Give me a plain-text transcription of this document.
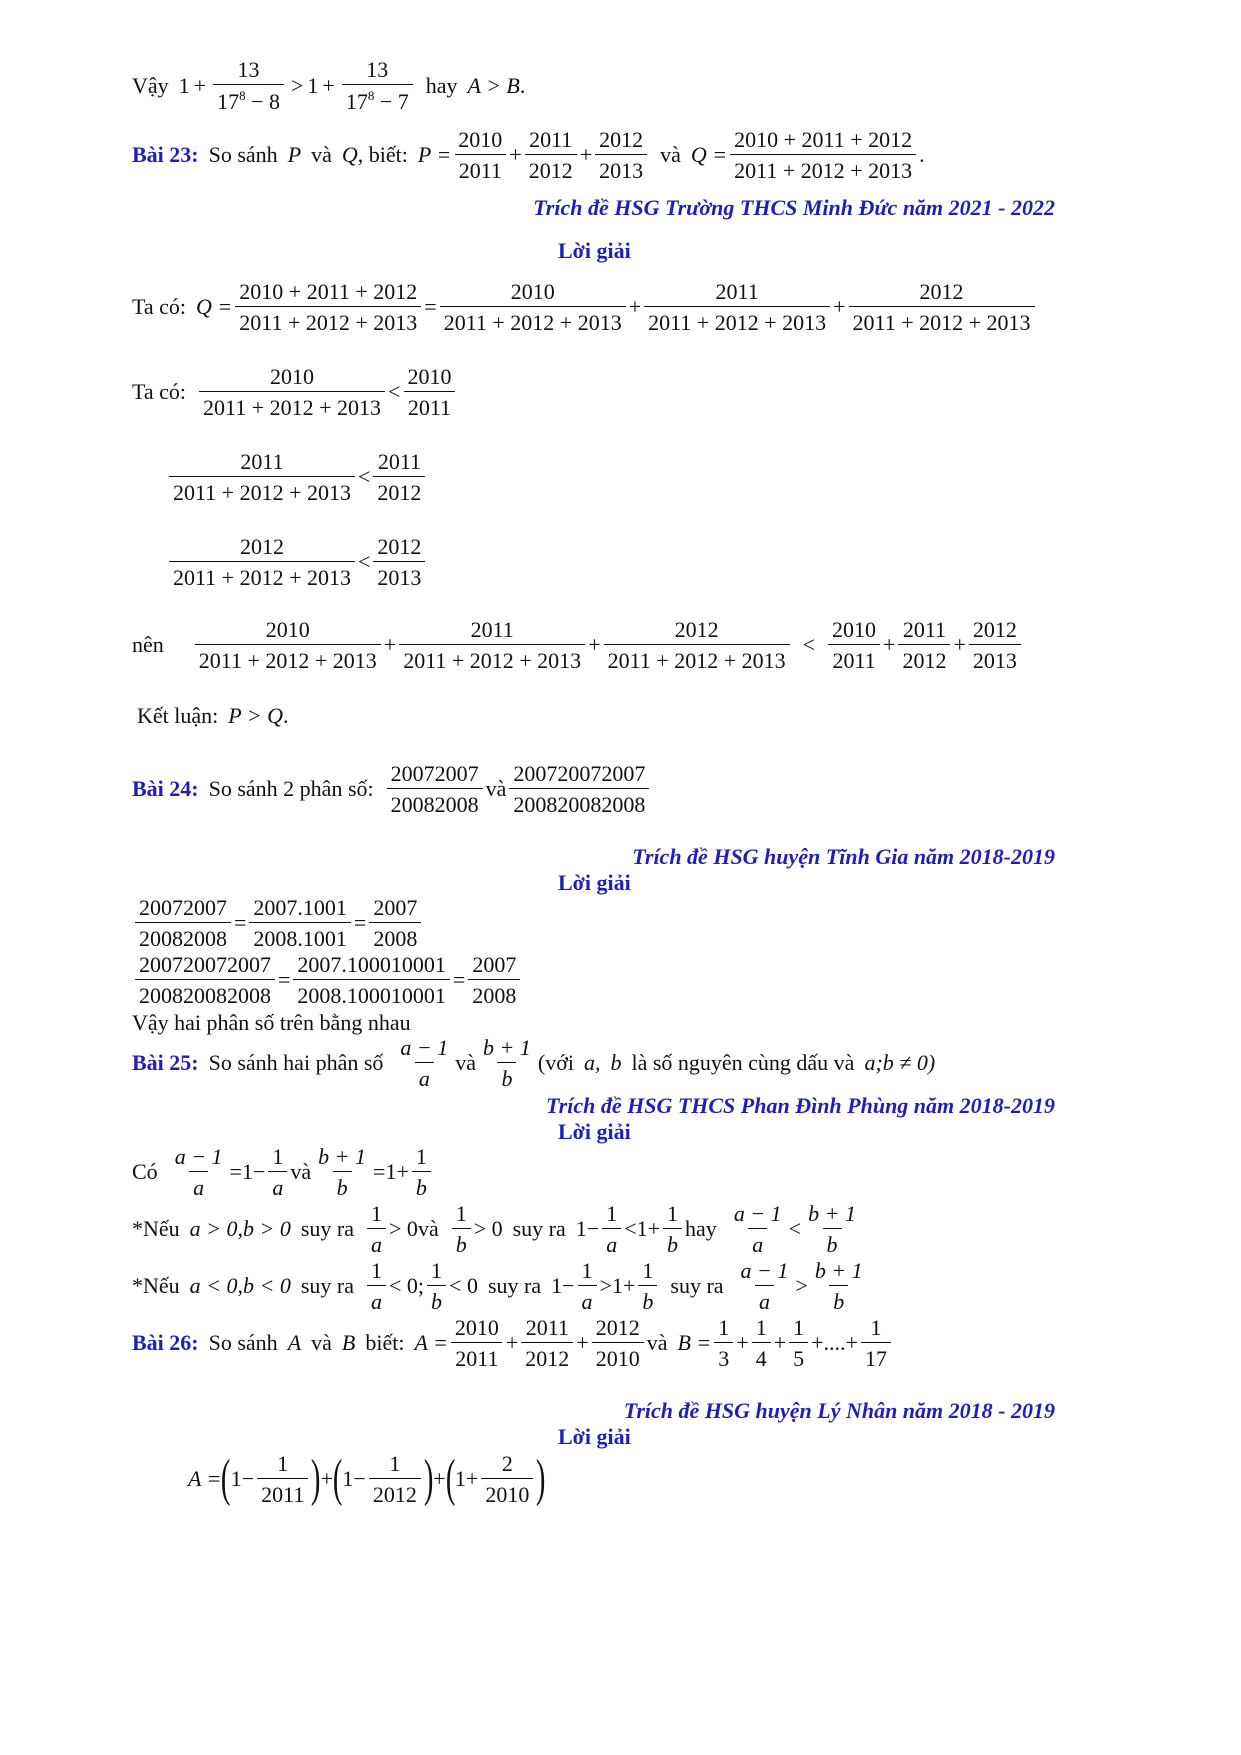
Vậy $1 + \frac{13}{17^8 - 8} > 1 + \frac{13}{17^8 - 7}$ hay A > B .
Bài 23: So sánh P và Q , biết: $P = \frac{2010}{2011} + \frac{2011}{2012} + \frac{2012}{2013}$ và $Q = \frac{2010 + 2011 + 2012}{2011 + 2012 + 2013}$ .
Trích đề HSG Trường THCS Minh Đức năm 2021 - 2022
Lời giải
Ta có: $Q = \frac{2010 + 2011 + 2012}{2011 + 2012 + 2013} = \frac{2010}{2011 + 2012 + 2013} + \frac{2011}{2011 + 2012 + 2013} + \frac{2012}{2011 + 2012 + 2013}$
Ta có: $\frac{2010}{2011 + 2012 + 2013} < \frac{2010}{2011}$
$\frac{2011}{2011 + 2012 + 2013} < \frac{2011}{2012}$
$\frac{2012}{2011 + 2012 + 2013} < \frac{2012}{2013}$
nên $\frac{2010}{2011 + 2012 + 2013} + \frac{2011}{2011 + 2012 + 2013} + \frac{2012}{2011 + 2012 + 2013} < \frac{2010}{2011} + \frac{2011}{2012} + \frac{2012}{2013}$
Kết luận: P > Q .
Bài 24: So sánh 2 phân số: $\frac{20072007}{20082008}$ và $\frac{200720072007}{200820082008}$
Trích đề HSG huyện Tĩnh Gia năm 2018-2019
Lời giải
$\frac{20072007}{20082008} = \frac{2007.1001}{2008.1001} = \frac{2007}{2008}$
$\frac{200720072007}{200820082008} = \frac{2007.100010001}{2008.100010001} = \frac{2007}{2008}$
Vậy hai phân số trên bằng nhau
Bài 25: So sánh hai phân số $\frac{a - 1}{a}$ và $\frac{b + 1}{b}$ (với a, b là số nguyên cùng dấu và a;b ≠ 0)
Trích đề HSG THCS Phan Đình Phùng năm 2018-2019
Lời giải
Có $\frac{a - 1}{a} = 1 - \frac{1}{a}$ và $\frac{b + 1}{b} = 1 + \frac{1}{b}$
*Nếu a > 0,b > 0 suy ra $\frac{1}{a} > 0$ và $\frac{1}{b} > 0$ suy ra $1 - \frac{1}{a} < 1 + \frac{1}{b}$ hay $\frac{a - 1}{a} < \frac{b + 1}{b}$
*Nếu a < 0,b < 0 suy ra $\frac{1}{a} < 0$; $\frac{1}{b} < 0$ suy ra $1 - \frac{1}{a} > 1 + \frac{1}{b}$ suy ra $\frac{a - 1}{a} > \frac{b + 1}{b}$
Bài 26: So sánh A và B biết: $A = \frac{2010}{2011} + \frac{2011}{2012} + \frac{2012}{2010}$ và $B = \frac{1}{3} + \frac{1}{4} + \frac{1}{5}$ +....+ $\frac{1}{17}$
Trích đề HSG huyện Lý Nhân năm 2018 - 2019
Lời giải
A = ( $1 - \frac{1}{2011}$ ) + ( $1 - \frac{1}{2012}$ ) + ( $1 + \frac{2}{2010}$ )
